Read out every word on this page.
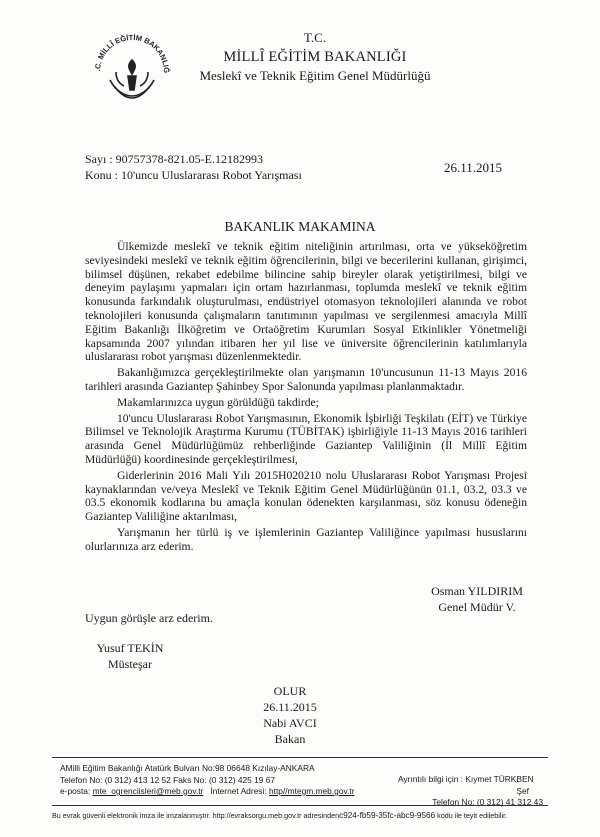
.C. MİLLÎ EĞİTİM BAKANLIĞ
T.C.
MİLLÎ EĞİTİM BAKANLIĞI
Meslekî ve Teknik Eğitim Genel Müdürlüğü
Sayı : 90757378-821.05-E.12182993
Konu : 10'uncu Uluslararası Robot Yarışması	26.11.2015
BAKANLIK MAKAMINA

Ülkemizde meslekî ve teknik eğitim niteliğinin artırılması, orta ve yükseköğretim seviyesindeki meslekî ve teknik eğitim öğrencilerinin, bilgi ve becerilerini kullanan, girişimci, bilimsel düşünen, rekabet edebilme bilincine sahip bireyler olarak yetiştirilmesi, bilgi ve deneyim paylaşımı yapmaları için ortam hazırlanması, toplumda meslekî ve teknik eğitim konusunda farkındalık oluşturulması, endüstriyel otomasyon teknolojileri alanında ve robot teknolojileri konusunda çalışmaların tanıtımının yapılması ve sergilenmesi amacıyla Millî Eğitim Bakanlığı İlköğretim ve Ortaöğretim Kurumları Sosyal Etkinlikler Yönetmeliği kapsamında 2007 yılından itibaren her yıl lise ve üniversite öğrencilerinin katılımlarıyla uluslararası robot yarışması düzenlenmektedir.

Bakanlığımızca gerçekleştirilmekte olan yarışmanın 10'uncusunun 11-13 Mayıs 2016 tarihleri arasında Gaziantep Şahinbey Spor Salonunda yapılması planlanmaktadır.

Makamlarınızca uygun görüldüğü takdirde;

10'uncu Uluslararası Robot Yarışmasının, Ekonomik İşbirliği Teşkilatı (EİT) ve Türkiye Bilimsel ve Teknolojik Araştırma Kurumu (TÜBİTAK) işbirliğiyle 11-13 Mayıs 2016 tarihleri arasında Genel Müdürlüğümüz rehberliğinde Gaziantep Valiliğinin (İl Millî Eğitim Müdürlüğü) koordinesinde gerçekleştirilmesi,

Giderlerinin 2016 Mali Yılı 2015H020210 nolu Uluslararası Robot Yarışması Projesi kaynaklarından ve/veya Meslekî ve Teknik Eğitim Genel Müdürlüğünün 01.1, 03.2, 03.3 ve 03.5 ekonomik kodlarına bu amaçla konulan ödenekten karşılanması, söz konusu ödeneğin Gaziantep Valiliğine aktarılması,

Yarışmanın her türlü iş ve işlemlerinin Gaziantep Valiliğince yapılması hususlarını olurlarınıza arz ederim.

Osman YILDIRIM
Genel Müdür V.
Uygun görüşle arz ederim.
Yusuf TEKİN
Müsteşar
OLUR
26.11.2015
Nabi AVCI
Bakan
AMilli Eğitim Bakanlığı Atatürk Bulvarı No:98 06648 Kızılay-ANKARA
Telefon No: (0 312) 413 12 52 Faks No: (0 312) 425 19 67
e-posta: mte_ogrenciisleri@meb.gov.tr İnternet Adresi: http//mtegm.meb.gov.tr
Ayrıntılı bilgi için : Kıymet TÜRKBEN
Şef
Telefon No: (0 312) 41 312 43
Bu evrak güvenli elektronik imza ile imzalanmıştır. http://evraksorgu.meb.gov.tr adresindenc924-fb59-35fc-abc9-9566 kodu ile teyit edilebilir.
